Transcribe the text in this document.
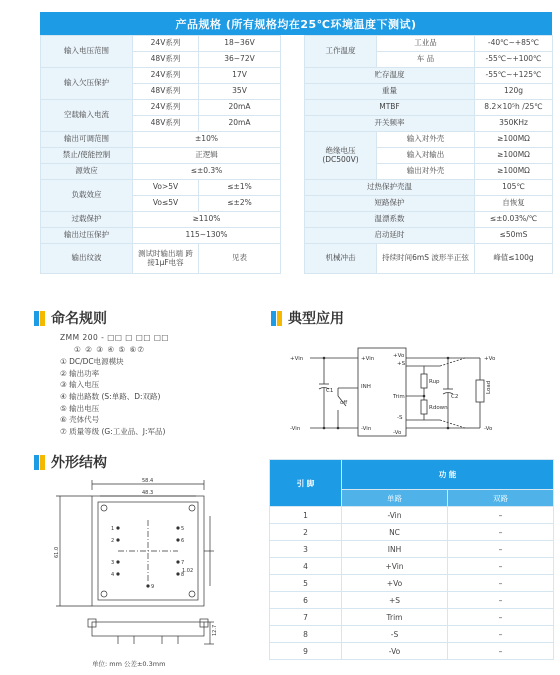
产品规格 (所有规格均在25℃环境温度下测试)
输入电压范围	24V系列	18~36V		工作温度	工业品	-40℃~+85℃
	48V系列	36~72V			车 品	-55℃~+100℃
输入欠压保护	24V系列	17V		贮存温度		-55℃~+125℃
	48V系列	35V		重量		120g
空载输入电流	24V系列	20mA		MTBF		8.2×10⁵h /25℃
	48V系列	20mA		开关频率		350KHz
输出可调范围	±10%			绝缘电压 (DC500V)	输入对外壳	≥100MΩ
禁止/使能控制	正逻辑				输入对输出	≥100MΩ
源效应	≤±0.3%				输出对外壳	≥100MΩ
负载效应	Vo>5V	≤±1%		过热保护壳温		105℃
	Vo≤5V	≤±2%		短路保护		自恢复
过载保护	≥110%			温漂系数		≤±0.03%/℃
输出过压保护	115~130%			启动延时		≤50mS
输出纹波	测试时输出端 跨接1μF电容	见表		机械冲击	持续时间6mS 波形半正弦	峰值≤100g
命名规则
ZMM 200 - □□ □ □□ □□
① ② ③ ④ ⑤ ⑥⑦
① DC/DC电源模块
② 输出功率
③ 输入电压
④ 输出路数 (S:单路、D:双路)
⑤ 输出电压
⑥ 壳体代号
⑦ 质量等级 (G:工业品、J:军品)
典型应用
+Vin
-Vin
C1
off
INH
+Vin
-Vin
+Vo
+S
Trim
-S
-Vo
Rup
Rdown
C2
+Vo
-Vo
Load
外形结构
58.4
48.3
61.0
12.7
1.02
1
2
3
4
5
6
7
8
9
单位: mm 公差±0.3mm
引 脚	功 能	
	单路	双路
1	-Vin	–
2	NC	–
3	INH	–
4	+Vin	–
5	+Vo	–
6	+S	–
7	Trim	–
8	-S	–
9	-Vo	–
